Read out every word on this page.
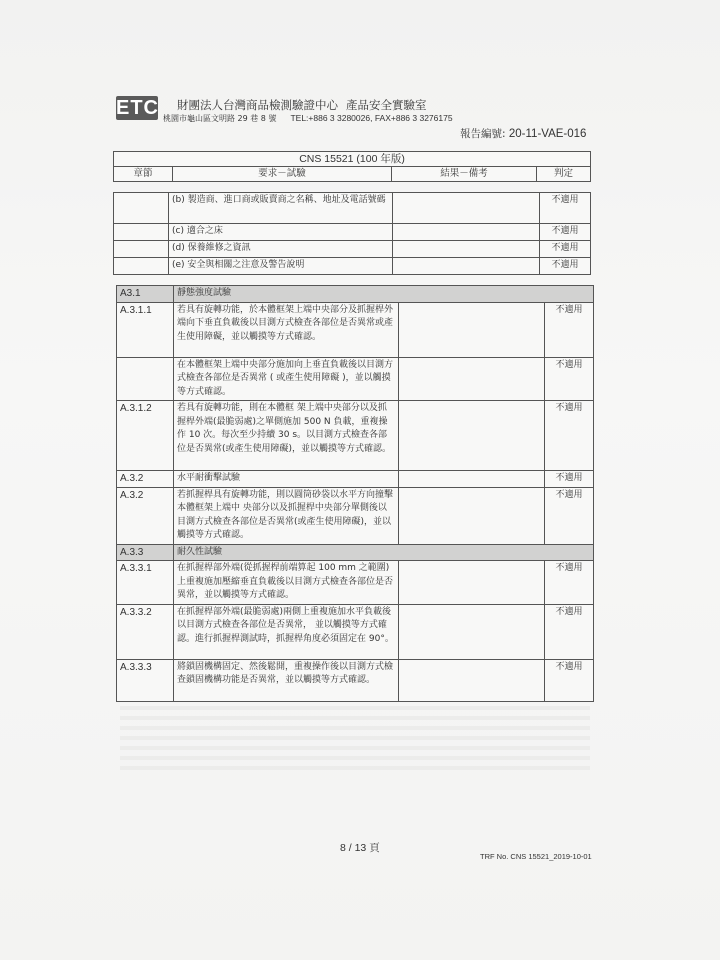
ETC 財團法人台灣商品檢測驗證中心 產品安全實驗室
桃園市龜山區文明路 29 巷 8 號 TEL:+886 3 3280026, FAX+886 3 3276175
報告編號: 20-11-VAE-016
CNS 15521 (100 年版)
章節	要求－試驗	結果－備考	判定
	(b) 製造商、進口商或販賣商之名稱、地址及電話號碼		不適用
	(c) 適合之床		不適用
	(d) 保養維修之資訊		不適用
	(e) 安全與相關之注意及警告說明		不適用
A3.1	靜態強度試驗		
A.3.1.1	若具有旋轉功能，於本體框架上端中央部分及抓握桿外端向下垂直負載後以目測方式檢查各部位是否異常或產生使用障礙，並以觸摸等方式確認。		不適用
	在本體框架上端中央部分施加向上垂直負載後以目測方式檢查各部位是否異常 ( 或產生使用障礙 )，並以觸摸等方式確認。		不適用
A.3.1.2	若具有旋轉功能，則在本體框 架上端中央部分以及抓握桿外端(最脆弱處)之單側施加 500 N 負載，重複操作 10 次。每次至少持續 30 s。以目測方式檢查各部位是否異常(或產生使用障礙)，並以觸摸等方式確認。		不適用
A.3.2	水平耐衝擊試驗		不適用
A.3.2	若抓握桿具有旋轉功能，則以圓筒砂袋以水平方向撞擊本體框架上端中 央部分以及抓握桿中央部分單側後以目測方式檢查各部位是否異常(或產生使用障礙)，並以觸摸等方式確認。		不適用
A.3.3	耐久性試驗		
A.3.3.1	在抓握桿部外端(從抓握桿前端算起 100 mm 之範圍)上重複施加壓縮垂直負載後以目測方式檢查各部位是否異常，並以觸摸等方式確認。		不適用
A.3.3.2	在抓握桿部外端(最脆弱處)兩側上重複施加水平負載後以目測方式檢查各部位是否異常， 並以觸摸等方式確認。進行抓握桿測試時，抓握桿角度必須固定在 90°。		不適用
A.3.3.3	將鎖固機構固定、然後鬆開，重複操作後以目測方式檢查鎖固機構功能是否異常，並以觸摸等方式確認。		不適用
8 / 13 頁
TRF No. CNS 15521_2019-10-01
